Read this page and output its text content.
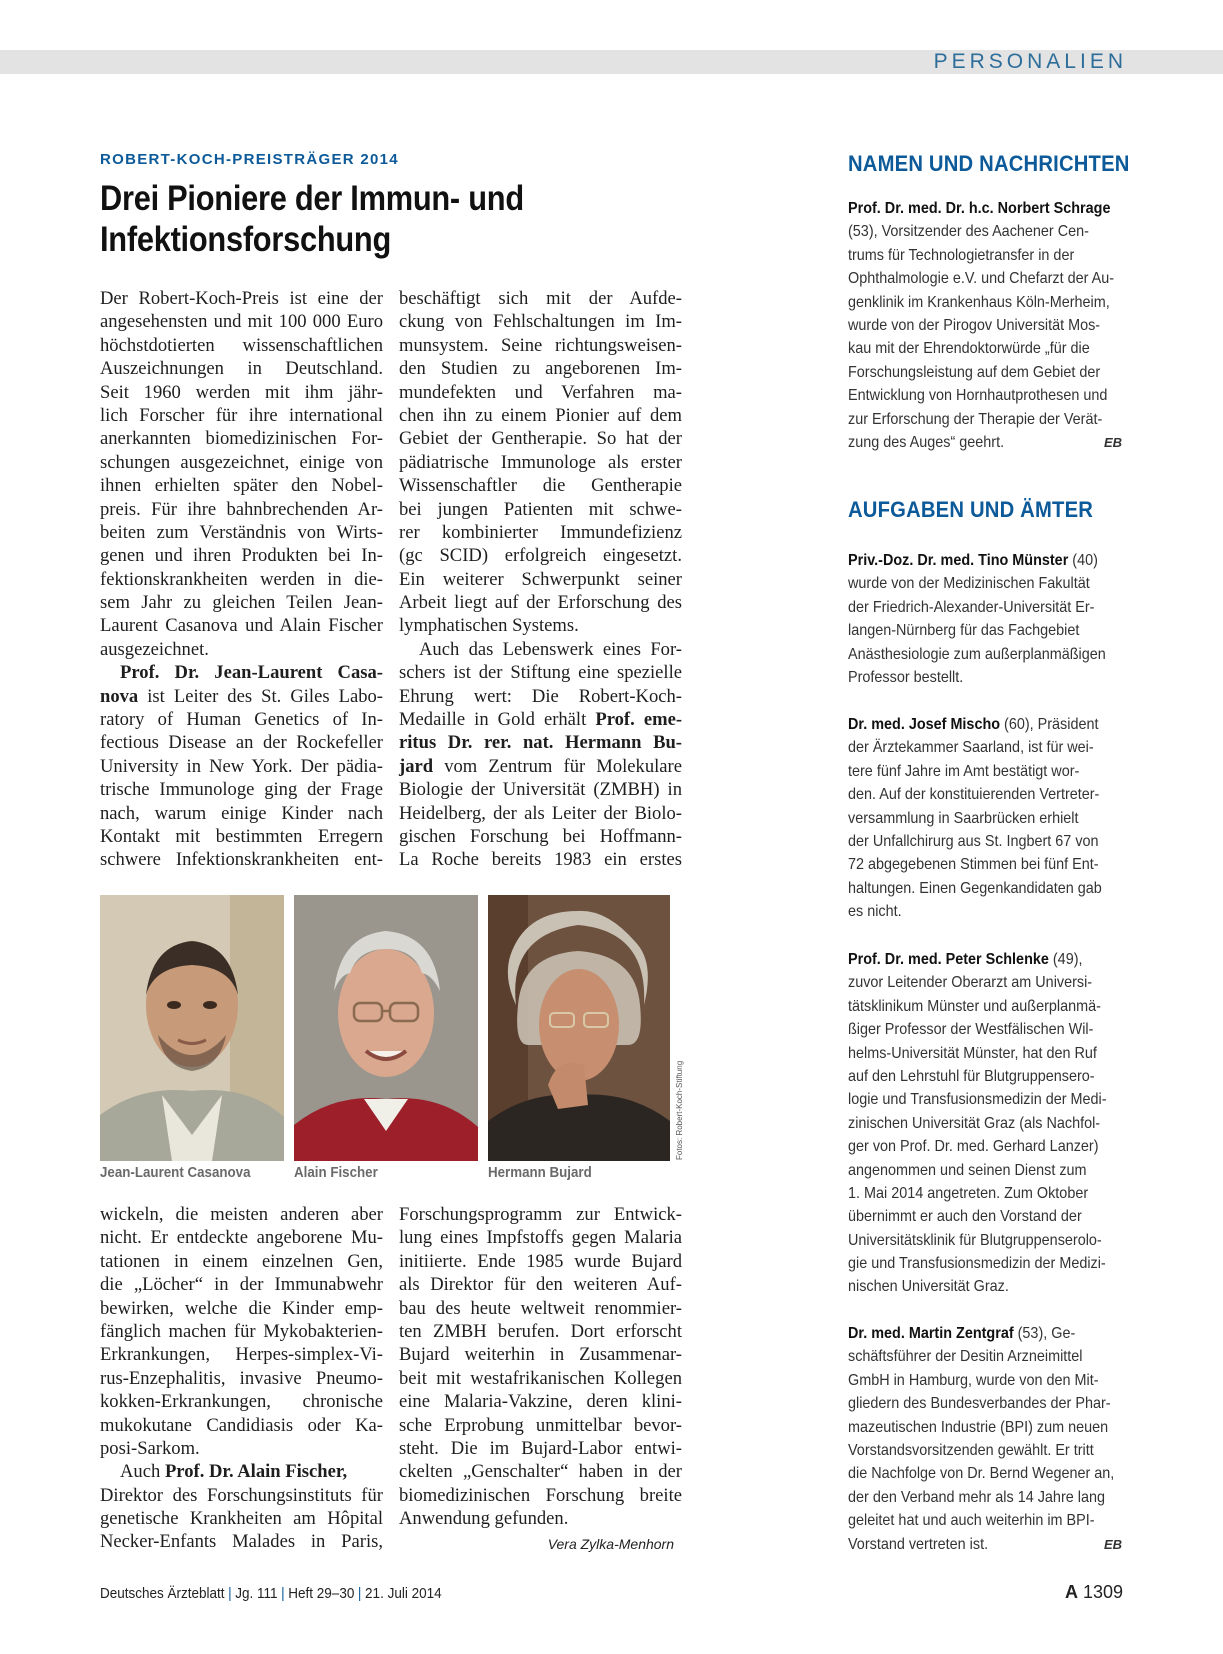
PERSONALIEN
ROBERT-KOCH-PREISTRÄGER 2014
Drei Pioniere der Immun- und
Infektionsforschung
Der Robert-Koch-Preis ist eine der
angesehensten und mit 100 000 Euro
höchstdotierten wissenschaftlichen
Auszeichnungen in Deutschland.
Seit 1960 werden mit ihm jähr-
lich Forscher für ihre international
anerkannten biomedizinischen For-
schungen ausgezeichnet, einige von
ihnen erhielten später den Nobel-
preis. Für ihre bahnbrechenden Ar-
beiten zum Verständnis von Wirts-
genen und ihren Produkten bei In-
fektionskrankheiten werden in die-
sem Jahr zu gleichen Teilen Jean-
Laurent Casanova und Alain Fischer
ausgezeichnet.
Prof. Dr. Jean-Laurent Casa-
nova ist Leiter des St. Giles Labo-
ratory of Human Genetics of In-
fectious Disease an der Rockefeller
University in New York. Der pädia-
trische Immunologe ging der Frage
nach, warum einige Kinder nach
Kontakt mit bestimmten Erregern
schwere Infektionskrankheiten ent-
beschäftigt sich mit der Aufde-
ckung von Fehlschaltungen im Im-
munsystem. Seine richtungsweisen-
den Studien zu angeborenen Im-
mundefekten und Verfahren ma-
chen ihn zu einem Pionier auf dem
Gebiet der Gentherapie. So hat der
pädiatrische Immunologe als erster
Wissenschaftler die Gentherapie
bei jungen Patienten mit schwe-
rer kombinierter Immundefizienz
(gc SCID) erfolgreich eingesetzt.
Ein weiterer Schwerpunkt seiner
Arbeit liegt auf der Erforschung des
lymphatischen Systems.
Auch das Lebenswerk eines For-
schers ist der Stiftung eine spezielle
Ehrung wert: Die Robert-Koch-
Medaille in Gold erhält Prof. eme-
ritus Dr. rer. nat. Hermann Bu-
jard vom Zentrum für Molekulare
Biologie der Universität (ZMBH) in
Heidelberg, der als Leiter der Biolo-
gischen Forschung bei Hoffmann-
La Roche bereits 1983 ein erstes
Jean-Laurent Casanova	Alain Fischer	Hermann Bujard
Fotos: Robert-Koch-Stiftung
wickeln, die meisten anderen aber
nicht. Er entdeckte angeborene Mu-
tationen in einem einzelnen Gen,
die „Löcher“ in der Immunabwehr
bewirken, welche die Kinder emp-
fänglich machen für Mykobakterien-
Erkrankungen, Herpes-simplex-Vi-
rus-Enzephalitis, invasive Pneumo-
kokken-Erkrankungen, chronische
mukokutane Candidiasis oder Ka-
posi-Sarkom.
Auch Prof. Dr. Alain Fischer,
Direktor des Forschungsinstituts für
genetische Krankheiten am Hôpital
Necker-Enfants Malades in Paris,
Forschungsprogramm zur Entwick-
lung eines Impfstoffs gegen Malaria
initiierte. Ende 1985 wurde Bujard
als Direktor für den weiteren Auf-
bau des heute weltweit renommier-
ten ZMBH berufen. Dort erforscht
Bujard weiterhin in Zusammenar-
beit mit westafrikanischen Kollegen
eine Malaria-Vakzine, deren klini-
sche Erprobung unmittelbar bevor-
steht. Die im Bujard-Labor entwi-
ckelten „Genschalter“ haben in der
biomedizinischen Forschung breite
Anwendung gefunden.
Vera Zylka-Menhorn
NAMEN UND NACHRICHTEN
Prof. Dr. med. Dr. h.c. Norbert Schrage
(53), Vorsitzender des Aachener Cen-
trums für Technologietransfer in der
Ophthalmologie e.V. und Chefarzt der Au-
genklinik im Krankenhaus Köln-Merheim,
wurde von der Pirogov Universität Mos-
kau mit der Ehrendoktorwürde „für die
Forschungsleistung auf dem Gebiet der
Entwicklung von Hornhautprothesen und
zur Erforschung der Therapie der Verät-
zung des Auges“ geehrt.	EB
AUFGABEN UND ÄMTER
Priv.-Doz. Dr. med. Tino Münster (40)
wurde von der Medizinischen Fakultät
der Friedrich-Alexander-Universität Er-
langen-Nürnberg für das Fachgebiet
Anästhesiologie zum außerplanmäßigen
Professor bestellt.
Dr. med. Josef Mischo (60), Präsident
der Ärztekammer Saarland, ist für wei-
tere fünf Jahre im Amt bestätigt wor-
den. Auf der konstituierenden Vertreter-
versammlung in Saarbrücken erhielt
der Unfallchirurg aus St. Ingbert 67 von
72 abgegebenen Stimmen bei fünf Ent-
haltungen. Einen Gegenkandidaten gab
es nicht.
Prof. Dr. med. Peter Schlenke (49),
zuvor Leitender Oberarzt am Universi-
tätsklinikum Münster und außerplanmä-
ßiger Professor der Westfälischen Wil-
helms-Universität Münster, hat den Ruf
auf den Lehrstuhl für Blutgruppensero-
logie und Transfusionsmedizin der Medi-
zinischen Universität Graz (als Nachfol-
ger von Prof. Dr. med. Gerhard Lanzer)
angenommen und seinen Dienst zum
1. Mai 2014 angetreten. Zum Oktober
übernimmt er auch den Vorstand der
Universitätsklinik für Blutgruppenserolo-
gie und Transfusionsmedizin der Medizi-
nischen Universität Graz.
Dr. med. Martin Zentgraf (53), Ge-
schäftsführer der Desitin Arzneimittel
GmbH in Hamburg, wurde von den Mit-
gliedern des Bundesverbandes der Phar-
mazeutischen Industrie (BPI) zum neuen
Vorstandsvorsitzenden gewählt. Er tritt
die Nachfolge von Dr. Bernd Wegener an,
der den Verband mehr als 14 Jahre lang
geleitet hat und auch weiterhin im BPI-
Vorstand vertreten ist.	EB
Deutsches Ärzteblatt | Jg. 111 | Heft 29–30 | 21. Juli 2014	A 1309
